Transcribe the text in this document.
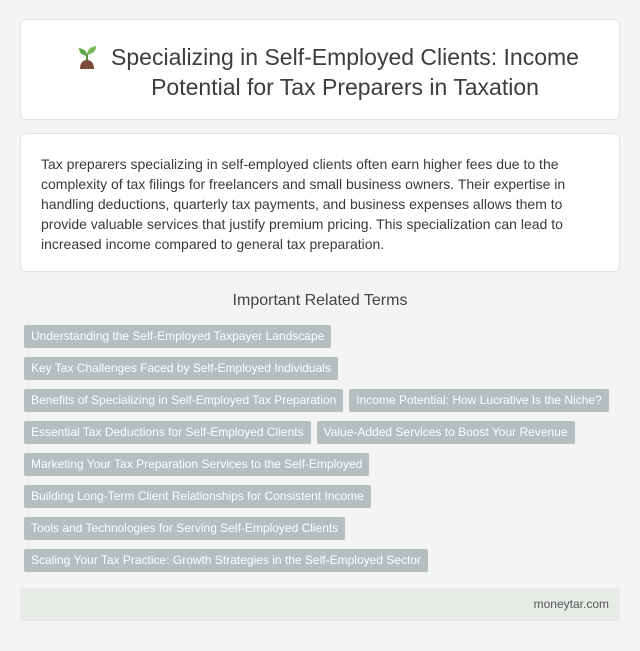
Specializing in Self-Employed Clients: Income Potential for Tax Preparers in Taxation

Tax preparers specializing in self-employed clients often earn higher fees due to the complexity of tax filings for freelancers and small business owners. Their expertise in handling deductions, quarterly tax payments, and business expenses allows them to provide valuable services that justify premium pricing. This specialization can lead to increased income compared to general tax preparation.

Important Related Terms
Understanding the Self-Employed Taxpayer Landscape
Key Tax Challenges Faced by Self-Employed Individuals
Benefits of Specializing in Self-Employed Tax Preparation	Income Potential: How Lucrative Is the Niche?
Essential Tax Deductions for Self-Employed Clients	Value-Added Services to Boost Your Revenue
Marketing Your Tax Preparation Services to the Self-Employed
Building Long-Term Client Relationships for Consistent Income
Tools and Technologies for Serving Self-Employed Clients
Scaling Your Tax Practice: Growth Strategies in the Self-Employed Sector
moneytar.com
